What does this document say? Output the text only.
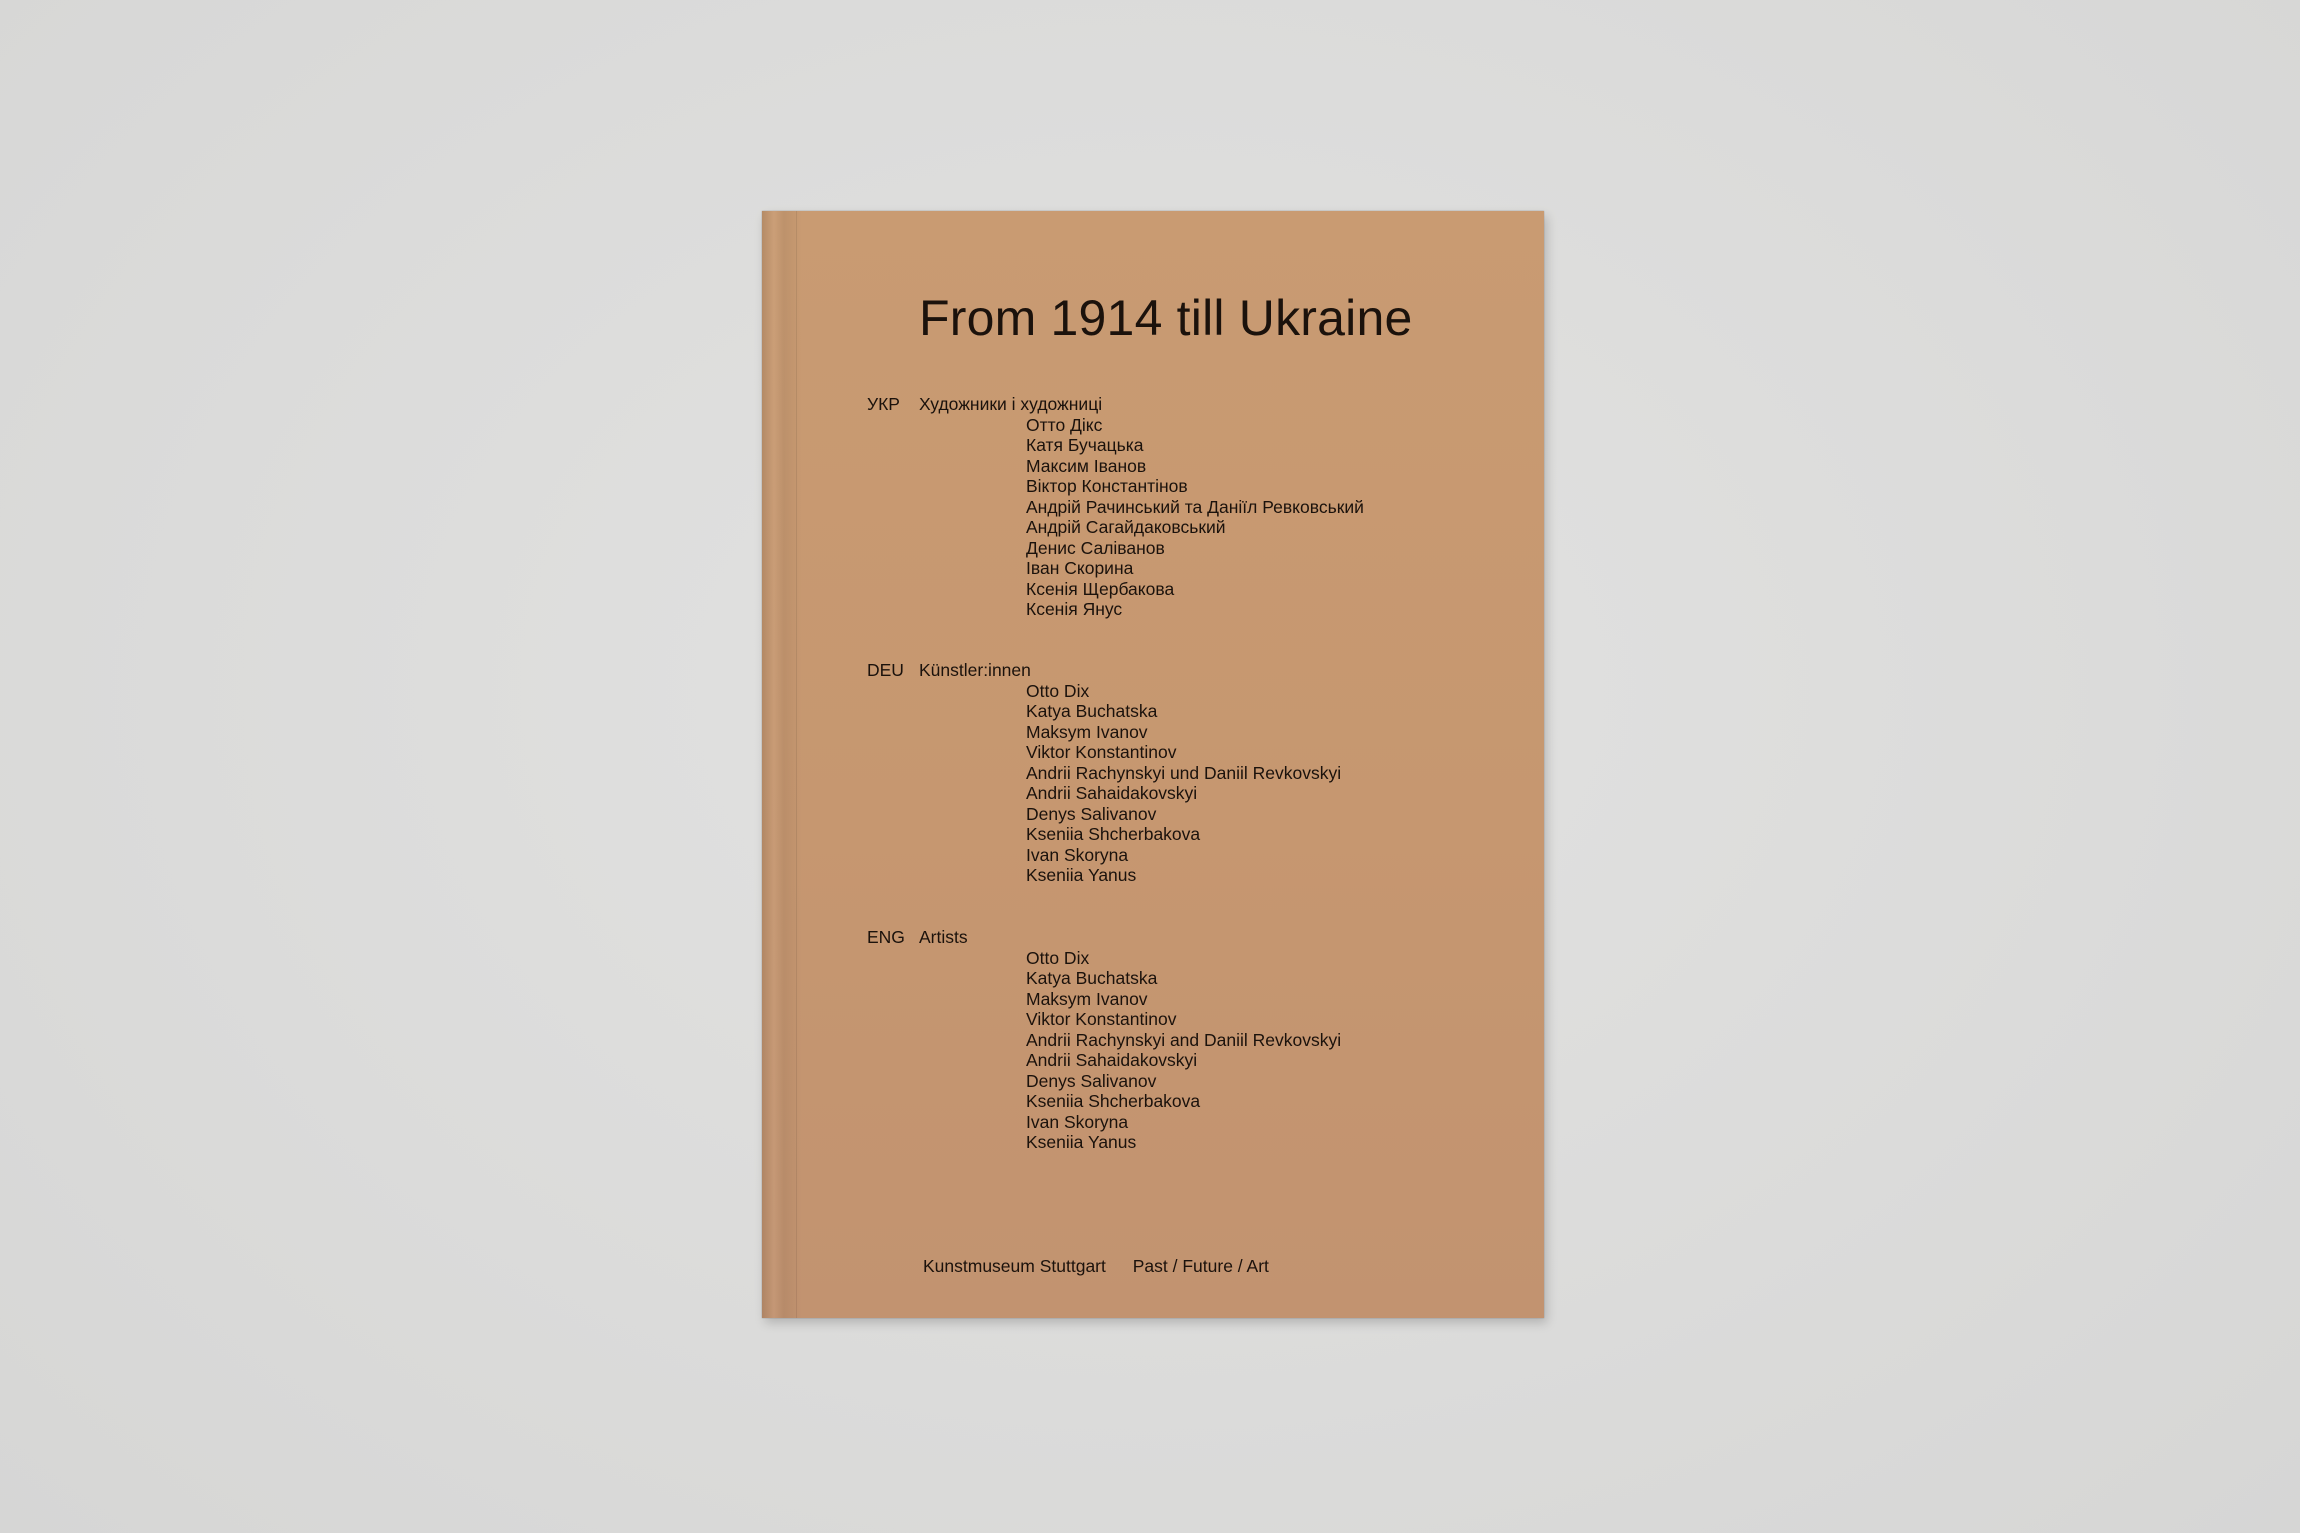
From 1914 till Ukraine
УКР	Художники і художниці
Отто Дікс
Катя Бучацька
Максим Іванов
Віктор Константінов
Андрій Рачинський та Даніїл Ревковський
Андрій Сагайдаковський
Денис Саліванов
Іван Скорина
Ксенія Щербакова
Ксенія Янус
DEU Künstler:innen
Otto Dix
Katya Buchatska
Maksym Ivanov
Viktor Konstantinov
Andrii Rachynskyi und Daniil Revkovskyi
Andrii Sahaidakovskyi
Denys Salivanov
Kseniia Shcherbakova
Ivan Skoryna
Kseniia Yanus
ENG Artists
Otto Dix
Katya Buchatska
Maksym Ivanov
Viktor Konstantinov
Andrii Rachynskyi and Daniil Revkovskyi
Andrii Sahaidakovskyi
Denys Salivanov
Kseniia Shcherbakova
Ivan Skoryna
Kseniia Yanus
Kunstmuseum Stuttgart Past / Future / Art
